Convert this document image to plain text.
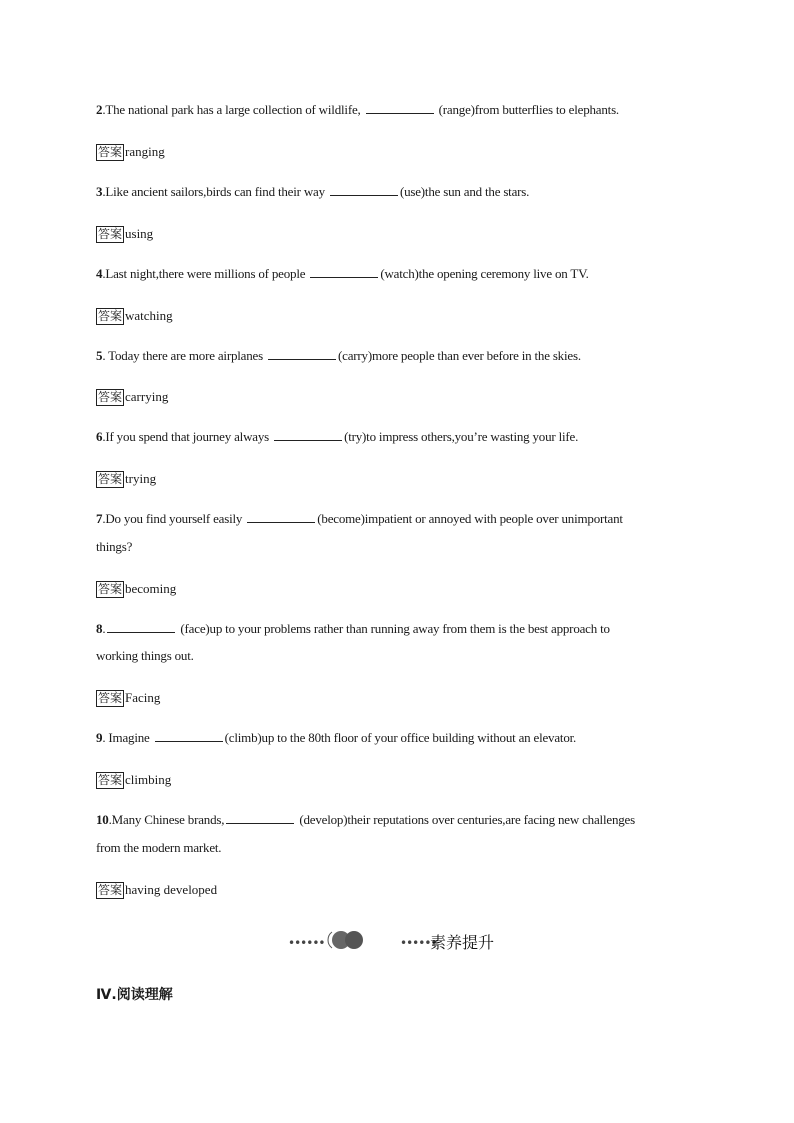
2.The national park has a large collection of wildlife,	(range)from butterflies to elephants.
答案 ranging
3.Like ancient sailors,birds can find their way	(use)the sun and the stars.
答案 using
4.Last night,there were millions of people	(watch)the opening ceremony live on TV.
答案 watching
5. Today there are more airplanes	(carry)more people than ever before in the skies.
答案 carrying
6.If you spend that journey always	(try)to impress others,you’re wasting your life.
答案 trying
7.Do you find yourself easily	(become)impatient or annoyed with people over unimportant
things?
答案 becoming
8.	(face)up to your problems rather than running away from them is the best approach to
working things out.
答案 Facing
9. Imagine	(climb)up to the 80th floor of your office building without an elevator.
答案 climbing
10.Many Chinese brands,	(develop)their reputations over centuries,are facing new challenges
from the modern market.
答案 having developed
••••••	••••••
素养提升
Ⅳ.阅读理解
